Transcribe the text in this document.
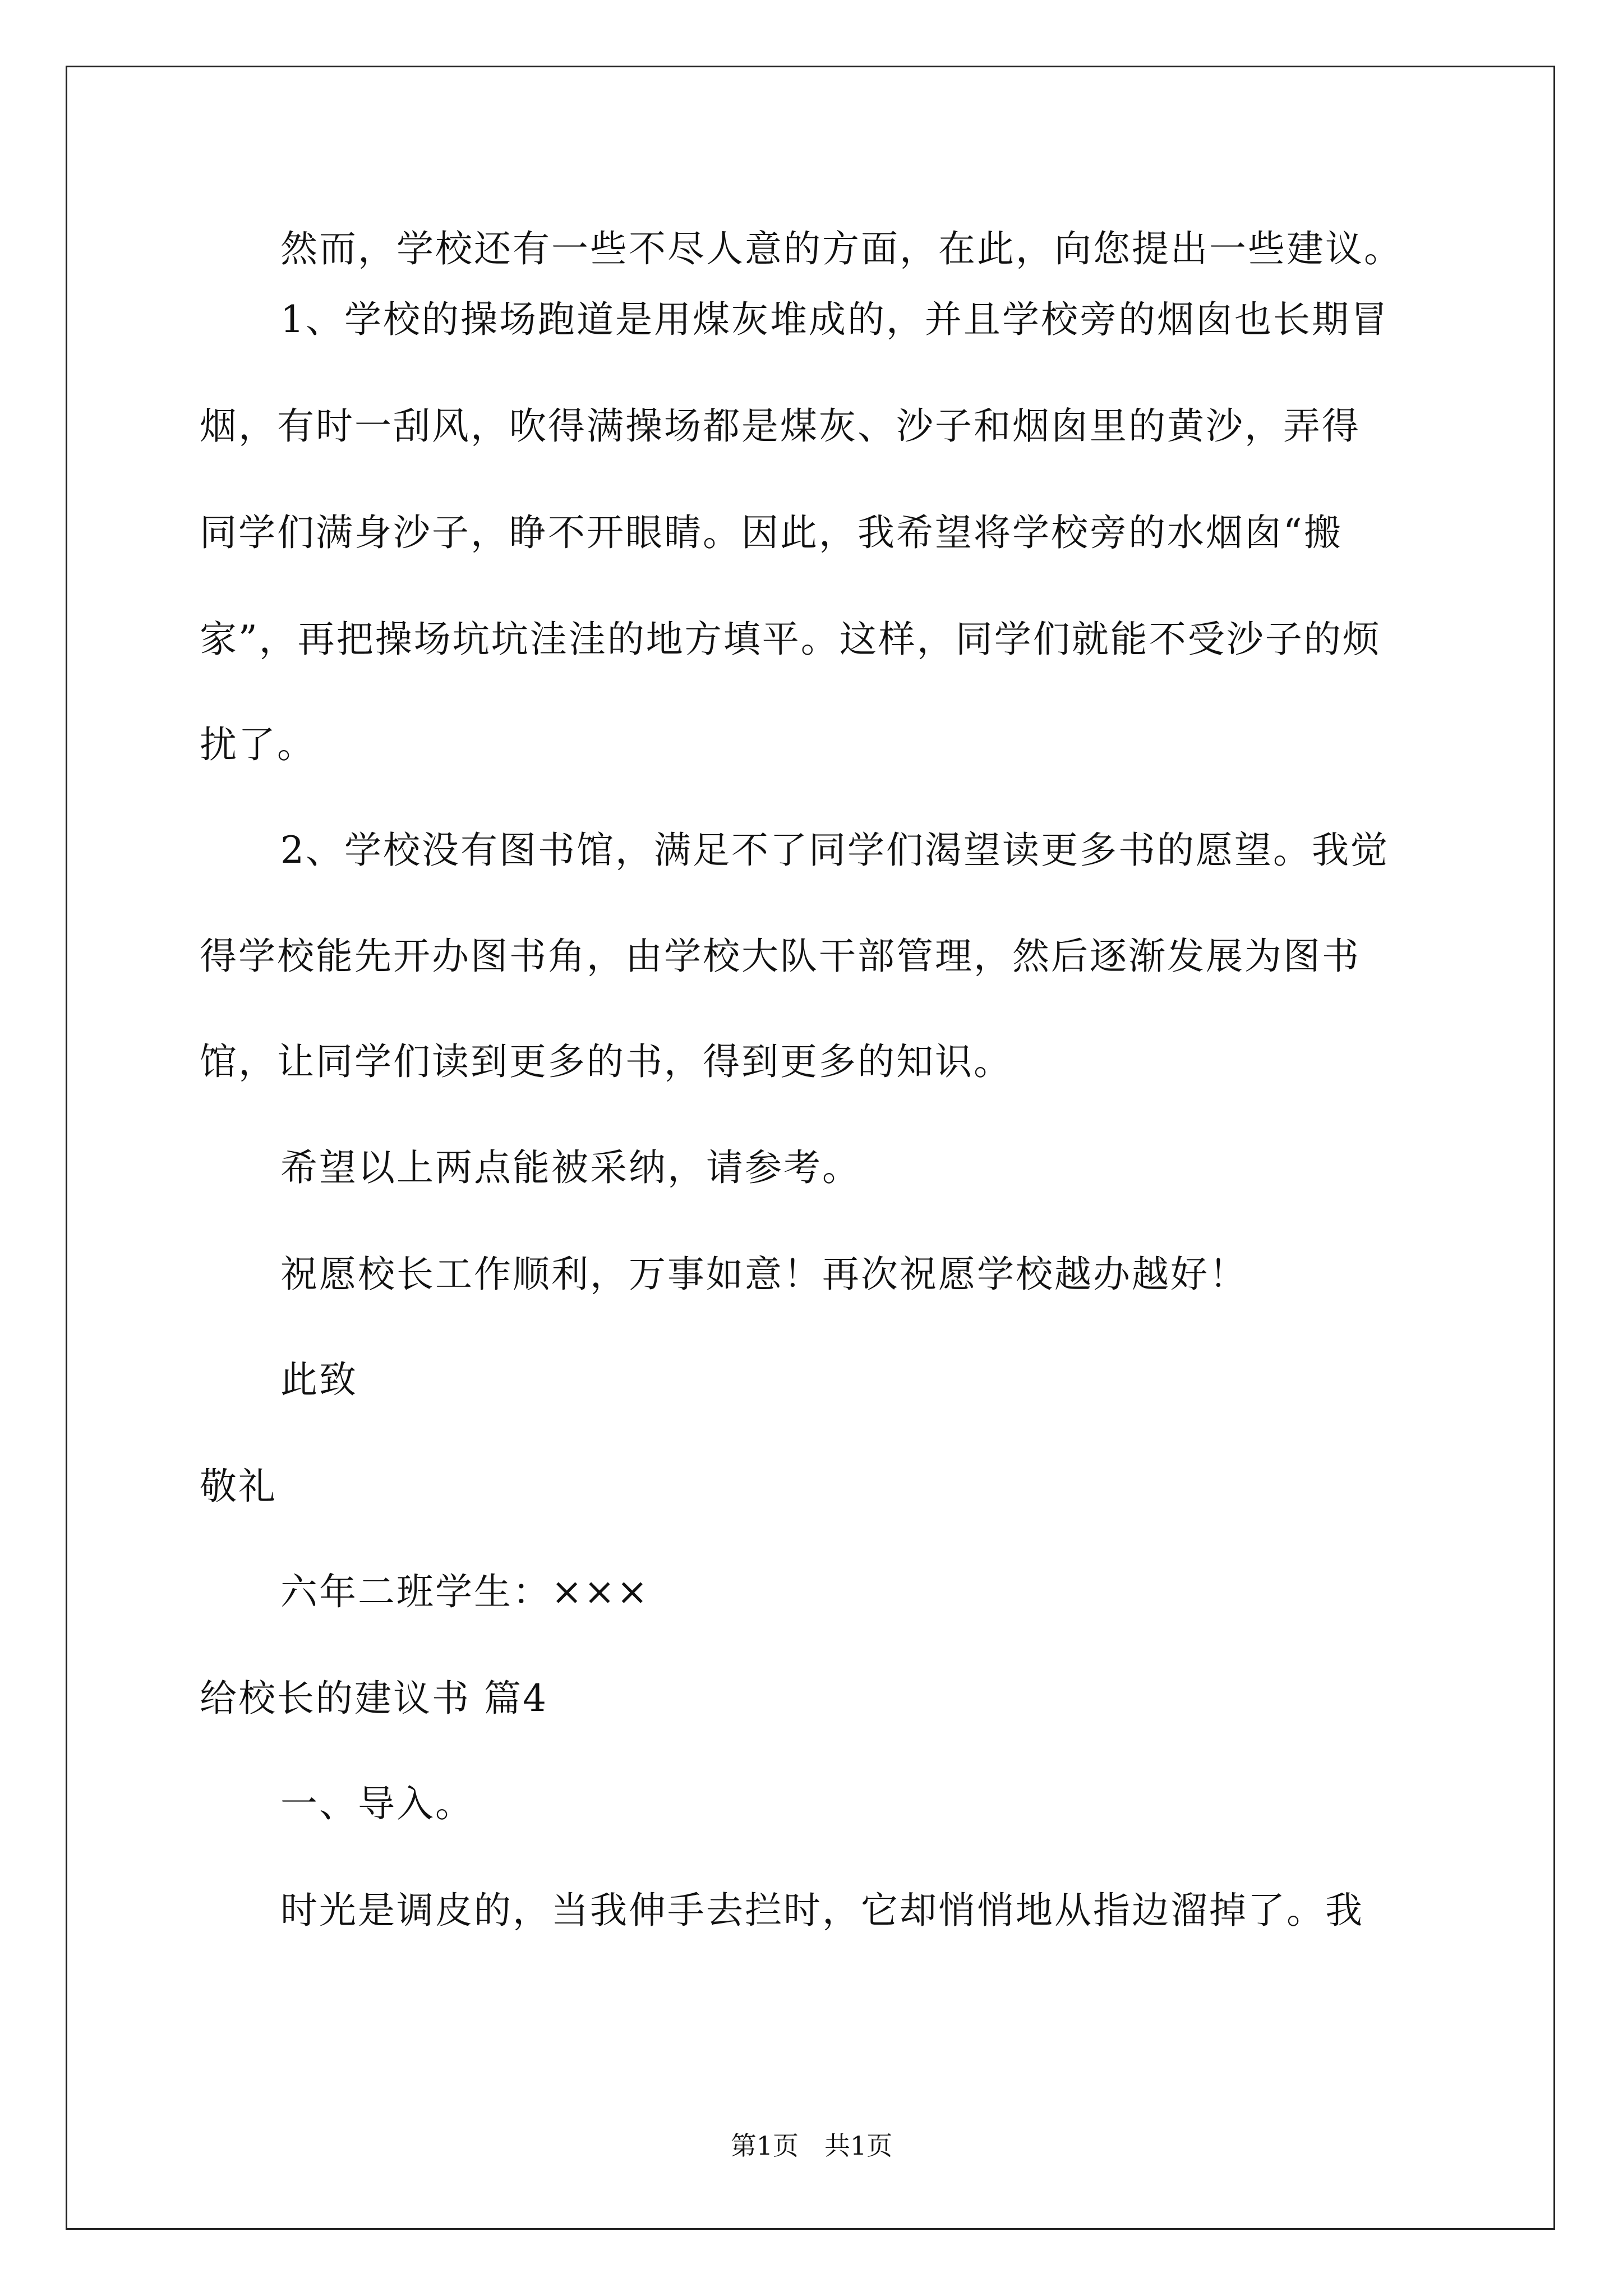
然而，学校还有一些不尽人意的方面，在此，向您提出一些建议。
1、学校的操场跑道是用煤灰堆成的，并且学校旁的烟囱也长期冒
烟，有时一刮风，吹得满操场都是煤灰、沙子和烟囱里的黄沙，弄得
同学们满身沙子，睁不开眼睛。因此，我希望将学校旁的水烟囱“搬
家”，再把操场坑坑洼洼的地方填平。这样，同学们就能不受沙子的烦
扰了。
2、学校没有图书馆，满足不了同学们渴望读更多书的愿望。我觉
得学校能先开办图书角，由学校大队干部管理，然后逐渐发展为图书
馆，让同学们读到更多的书，得到更多的知识。
希望以上两点能被采纳，请参考。
祝愿校长工作顺利，万事如意！再次祝愿学校越办越好！
此致
敬礼
六年二班学生：×××
给校长的建议书 篇4
一、导入。
时光是调皮的，当我伸手去拦时，它却悄悄地从指边溜掉了。我
第1页　共1页
